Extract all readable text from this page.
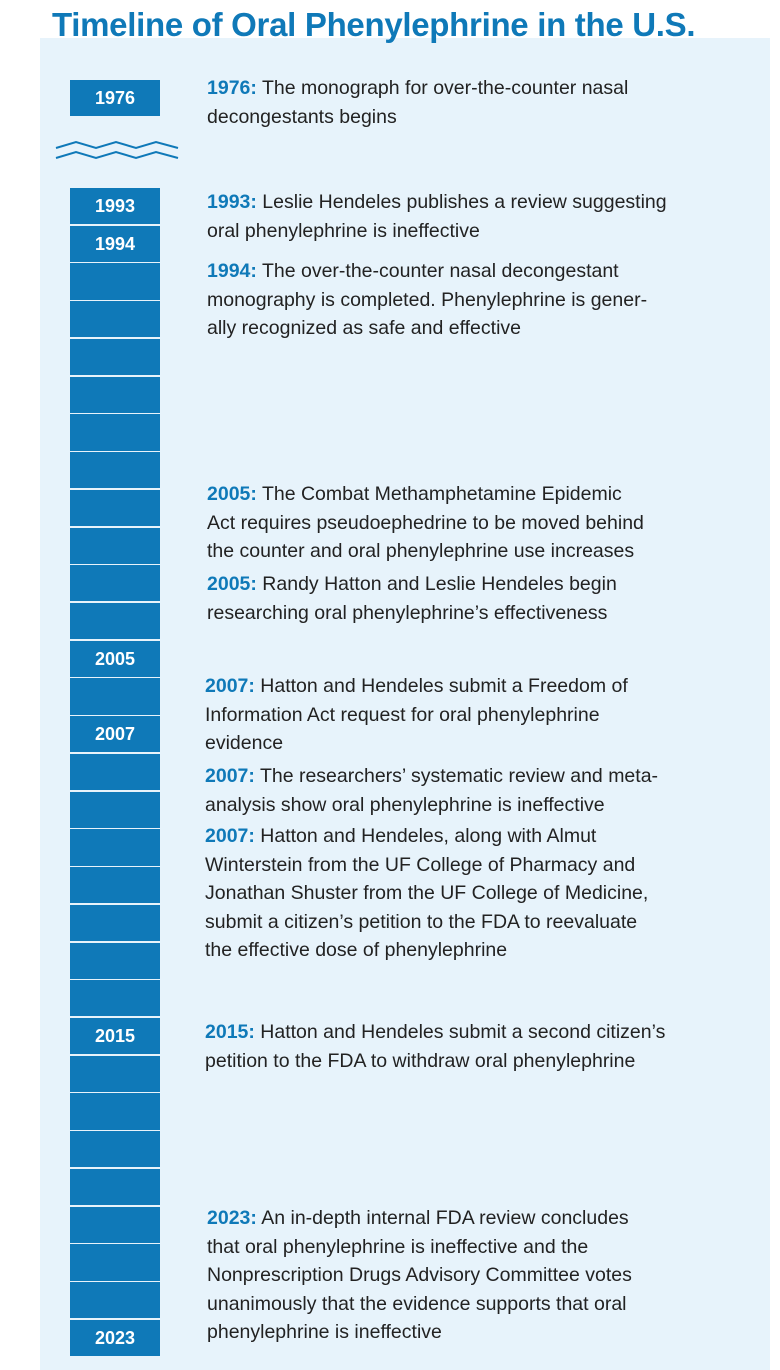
Timeline of Oral Phenylephrine in the U.S.
1976
1993
1994
2005
2007
2015
2023
1976: The monograph for over-the-counter nasal
decongestants begins
1993: Leslie Hendeles publishes a review suggesting
oral phenylephrine is ineffective
1994: The over-the-counter nasal decongestant
monography is completed. Phenylephrine is gener-
ally recognized as safe and effective
2005: The Combat Methamphetamine Epidemic
Act requires pseudoephedrine to be moved behind
the counter and oral phenylephrine use increases
2005: Randy Hatton and Leslie Hendeles begin
researching oral phenylephrine’s effectiveness
2007: Hatton and Hendeles submit a Freedom of
Information Act request for oral phenylephrine
evidence
2007: The researchers’ systematic review and meta-
analysis show oral phenylephrine is ineffective
2007: Hatton and Hendeles, along with Almut
Winterstein from the UF College of Pharmacy and
Jonathan Shuster from the UF College of Medicine,
submit a citizen’s petition to the FDA to reevaluate
the effective dose of phenylephrine
2015: Hatton and Hendeles submit a second citizen’s
petition to the FDA to withdraw oral phenylephrine
2023: An in-depth internal FDA review concludes
that oral phenylephrine is ineffective and the
Nonprescription Drugs Advisory Committee votes
unanimously that the evidence supports that oral
phenylephrine is ineffective
